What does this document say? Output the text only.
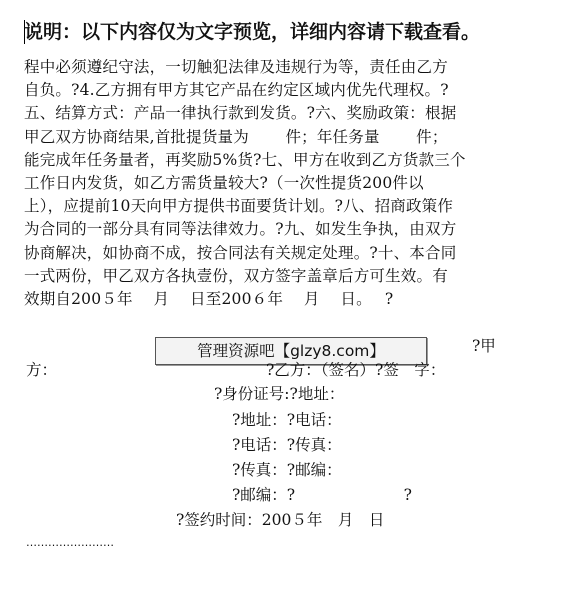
说明：以下内容仅为文字预览，详细内容请下载查看。
程中必须遵纪守法，一切触犯法律及违规行为等，责任由乙方
自负。?4.乙方拥有甲方其它产品在约定区域内优先代理权。?
五、结算方式：产品一律执行款到发货。?六、奖励政策：根据
甲乙双方协商结果,首批提货量为　　 件；年任务量　　 件；
能完成年任务量者，再奖励5%货?七、甲方在收到乙方货款三个
工作日内发货，如乙方需货量较大?（一次性提货200件以
上），应提前10天向甲方提供书面要货计划。?八、招商政策作
为合同的一部分具有同等法律效力。?九、如发生争执，由双方
协商解决，如协商不成，按合同法有关规定处理。?十、本合同
一式两份，甲乙双方各执壹份，双方签字盖章后方可生效。有
效期自200５年　 月　 日至200６年　 月　 日。　 ?
管理资源吧【glzy8.com】	?甲
方：	?乙方：（签名）?签　字：
?身份证号:?地址：
?地址：?电话：
?电话：?传真：
?传真：?邮编：
?邮编：?　　　　　　　?
?签约时间：200５年　月　日
……………………
